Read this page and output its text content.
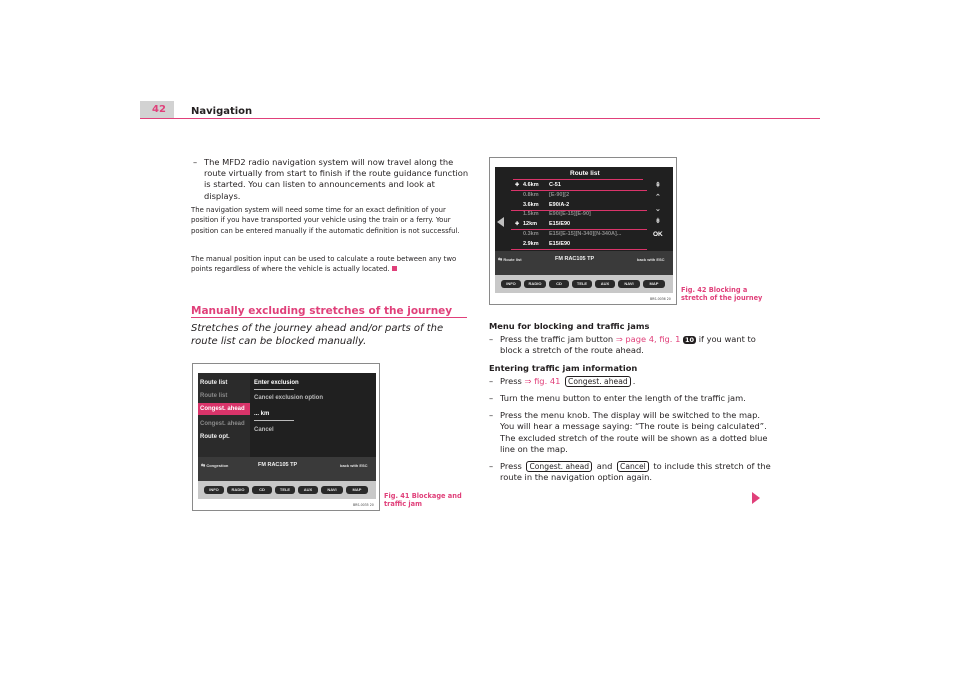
42	Navigation
– The MFD2 radio navigation system will now travel along the route virtually from start to finish if the route guidance function is started. You can listen to announcements and look at displays.
The navigation system will need some time for an exact definition of your position if you have transported your vehicle using the train or a ferry. Your position can be entered manually if the automatic definition is not successful.
The manual position input can be used to calculate a route between any two points regardless of where the vehicle is actually located.
Manually excluding stretches of the journey
Stretches of the journey ahead and/or parts of the route list can be blocked manually.
Route list
Route list
Congest. ahead
Congest. ahead
Route opt.
Enter exclusion
Cancel exclusion option
... km
Cancel
⇆ Congestion	FM RAC105 TP	back with ESC
INFO	RADIO	CD	TELE	AUX	NAVI	MAP
BRS-0035 20
Fig. 41 Blockage and traffic jam
Route list
✚ 4.6km C-51
0.8km [E-90][2
3.6km E90/A-2
1.5km E90/[E-15][E-90]
✚ 12km E15/E90
0.3km E15/[E-15][N-340][N-340A]...
2.9km E15/E90
⇞
⌃
⌄
⇟
OK
⇆ Route list	FM RAC105 TP	back with ESC
INFO	RADIO	CD	TELE	AUX	NAVI	MAP
BRS-0036 20
Fig. 42 Blocking a stretch of the journey
Menu for blocking and traffic jams
– Press the traffic jam button ⇒ page 4, fig. 1 10 if you want to block a stretch of the route ahead.
Entering traffic jam information
– Press ⇒ fig. 41 Congest. ahead .
– Turn the menu button to enter the length of the traffic jam.
– Press the menu knob. The display will be switched to the map. You will hear a message saying: “The route is being calculated”. The excluded stretch of the route will be shown as a dotted blue line on the map.
– Press Congest. ahead and Cancel to include this stretch of the route in the navigation option again.
